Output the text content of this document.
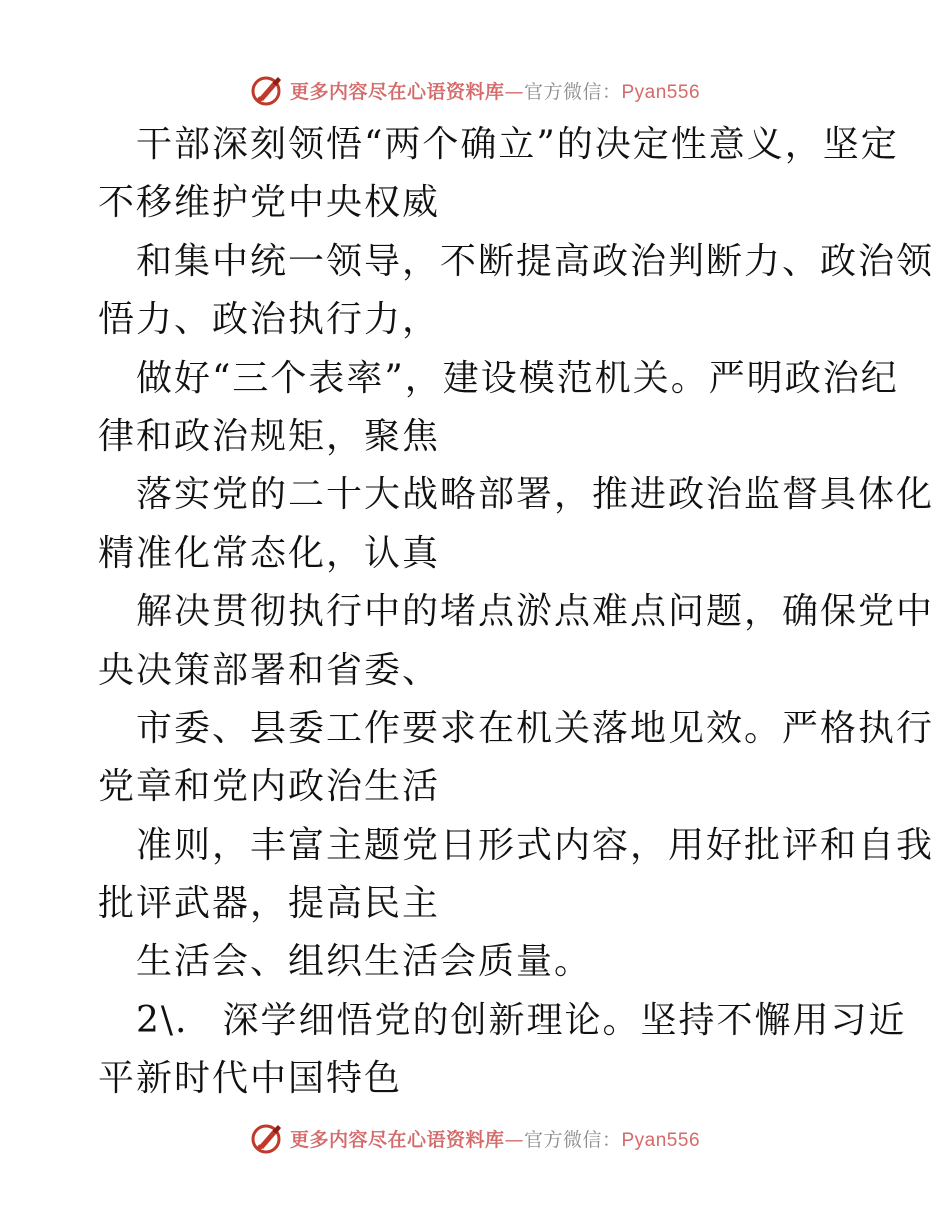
更多内容尽在心语资料库—官方微信：Pyan556
干部深刻领悟“两个确立”的决定性意义，坚定
不移维护党中央权威
和集中统一领导，不断提高政治判断力、政治领
悟力、政治执行力，
做好“三个表率”，建设模范机关。严明政治纪
律和政治规矩，聚焦
落实党的二十大战略部署，推进政治监督具体化
精准化常态化，认真
解决贯彻执行中的堵点淤点难点问题，确保党中
央决策部署和省委、
市委、县委工作要求在机关落地见效。严格执行
党章和党内政治生活
准则，丰富主题党日形式内容，用好批评和自我
批评武器，提高民主
生活会、组织生活会质量。
2\. 深学细悟党的创新理论。坚持不懈用习近
平新时代中国特色
更多内容尽在心语资料库—官方微信：Pyan556
